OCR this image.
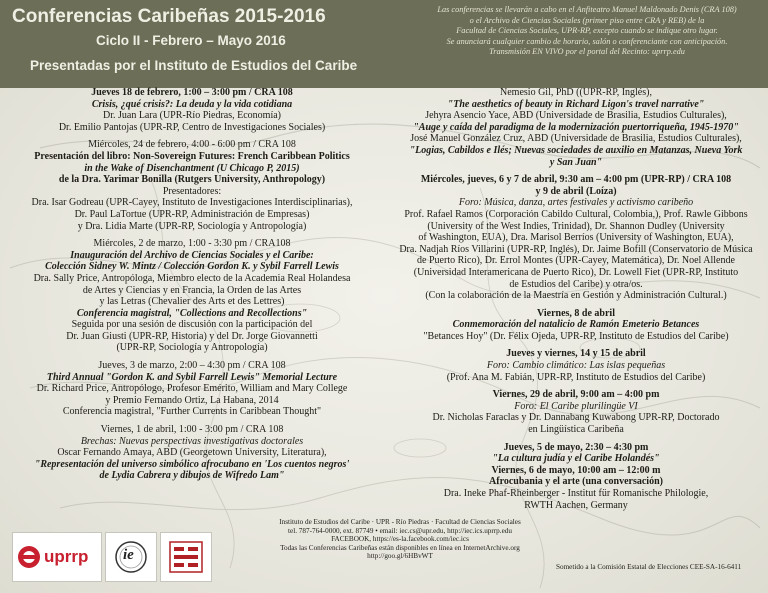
Conferencias Caribeñas 2015-2016
Ciclo II - Febrero – Mayo 2016
Presentadas por el Instituto de Estudios del Caribe
Las conferencias se llevarán a cabo en el Anfiteatro Manuel Maldonado Denis (CRA 108)
o el Archivo de Ciencias Sociales (primer piso entre CRA y REB) de la
Facultad de Ciencias Sociales, UPR-RP, excepto cuando se indique otro lugar.
Se anunciará cualquier cambio de horario, salón o conferenciante con anticipación.
Transmisión EN VIVO por el portal del Recinto: uprrp.edu
Jueves 18 de febrero, 1:00 – 3:00 pm / CRA 108
Crisis, ¿qué crisis?: La deuda y la vida cotidiana
Dr. Juan Lara (UPR-Río Piedras, Economía)
Dr. Emilio Pantojas (UPR-RP, Centro de Investigaciones Sociales)
Miércoles, 24 de febrero, 4:00 - 6:00 pm / CRA 108
Presentación del libro: Non-Sovereign Futures: French Caribbean Politics
in the Wake of Disenchantment (U Chicago P, 2015)
de la Dra. Yarimar Bonilla (Rutgers University, Anthropology)
Presentadores:
Dra. Isar Godreau (UPR-Cayey, Instituto de Investigaciones Interdisciplinarias),
Dr. Paul LaTortue (UPR-RP, Administración de Empresas)
y Dra. Lidia Marte (UPR-RP, Sociología y Antropología)
Miércoles, 2 de marzo, 1:00 - 3:30 pm / CRA108
Inauguración del Archivo de Ciencias Sociales y el Caribe:
Colección Sidney W. Mintz / Colección Gordon K. y Sybil Farrell Lewis
Dra. Sally Price, Antropóloga, Miembro electo de la Academia Real Holandesa
de Artes y Ciencias y en Francia, la Orden de las Artes
y las Letras (Chevalier des Arts et des Lettres)
Conferencia magistral, "Collections and Recollections"
Seguida por una sesión de discusión con la participación del
Dr. Juan Giusti (UPR-RP, Historia) y del Dr. Jorge Giovannetti
(UPR-RP, Sociología y Antropología)
Jueves, 3 de marzo, 2:00 – 4:30 pm / CRA 108
Third Annual "Gordon K. and Sybil Farrell Lewis" Memorial Lecture
Dr. Richard Price, Antropólogo, Profesor Emérito, William and Mary College
y Premio Fernando Ortiz, La Habana, 2014
Conferencia magistral, "Further Currents in Caribbean Thought"
Viernes, 1 de abril, 1:00 - 3:00 pm / CRA 108
Brechas: Nuevas perspectivas investigativas doctorales
Oscar Fernando Amaya, ABD (Georgetown University, Literatura),
"Representación del universo simbólico afrocubano en 'Los cuentos negros'
de Lydia Cabrera y dibujos de Wifredo Lam"
Nemesio Gil, PhD ((UPR-RP, Inglés),
"The aesthetics of beauty in Richard Ligon's travel narrative"
Jehyra Asencio Yace, ABD (Universidade de Brasilia, Estudios Culturales),
"Auge y caída del paradigma de la modernización puertorriqueña, 1945-1970"
José Manuel González Cruz, ABD (Universidade de Brasilia, Estudios Culturales),
"Logias, Cabildos e Ilés; Nuevas sociedades de auxilio en Matanzas, Nueva York
y San Juan"
Miércoles, jueves, 6 y 7 de abril, 9:30 am – 4:00 pm (UPR-RP) / CRA 108
y 9 de abril (Loíza)
Foro: Música, danza, artes festivales y activismo caribeño
Prof. Rafael Ramos (Corporación Cabildo Cultural, Colombia,), Prof. Rawle Gibbons
(University of the West Indies, Trinidad), Dr. Shannon Dudley (University
of Washington, EUA), Dra. Marisol Berríos (University of Washington, EUA),
Dra. Nadjah Ríos Villarini (UPR-RP, Inglés), Dr. Jaime Bofill (Conservatorio de Música
de Puerto Rico), Dr. Errol Montes (UPR-Cayey, Matemática), Dr. Noel Allende
(Universidad Interamericana de Puerto Rico), Dr. Lowell Fiet (UPR-RP, Instituto
de Estudios del Caribe) y otra/os.
(Con la colaboración de la Maestría en Gestión y Administración Cultural.)
Viernes, 8 de abril
Conmemoración del natalicio de Ramón Emeterio Betances
"Betances Hoy" (Dr. Félix Ojeda, UPR-RP, Instituto de Estudios del Caribe)
Jueves y viernes, 14 y 15 de abril
Foro: Cambio climático: Las islas pequeñas
(Prof. Ana M. Fabián, UPR-RP, Instituto de Estudios del Caribe)
Viernes, 29 de abril, 9:00 am – 4:00 pm
Foro: El Caribe plurilingüe VI
Dr. Nicholas Faraclas y Dr. Dannabang Kuwabong UPR-RP, Doctorado
en Lingüística Caribeña
Jueves, 5 de mayo, 2:30 – 4:30 pm
"La cultura judía y el Caribe Holandés"
Viernes, 6 de mayo, 10:00 am – 12:00 m
Afrocubania y el arte (una conversación)
Dra. Ineke Phaf-Rheinberger - Institut für Romanische Philologie,
RWTH Aachen, Germany
uprrp ie
Instituto de Estudios del Caribe · UPR - Río Piedras · Facultad de Ciencias Sociales
tel. 787-764-0000, ext. 87749 • email: iec.cs@upr.edu, http://iec.ics.uprrp.edu
FACEBOOK, https://es-la.facebook.com/iec.ics
Todas las Conferencias Caribeñas están disponibles en línea en InternetArchive.org
http://goo.gl/6HBvWT
Sometido a la Comisión Estatal de Elecciones CEE-SA-16-6411
